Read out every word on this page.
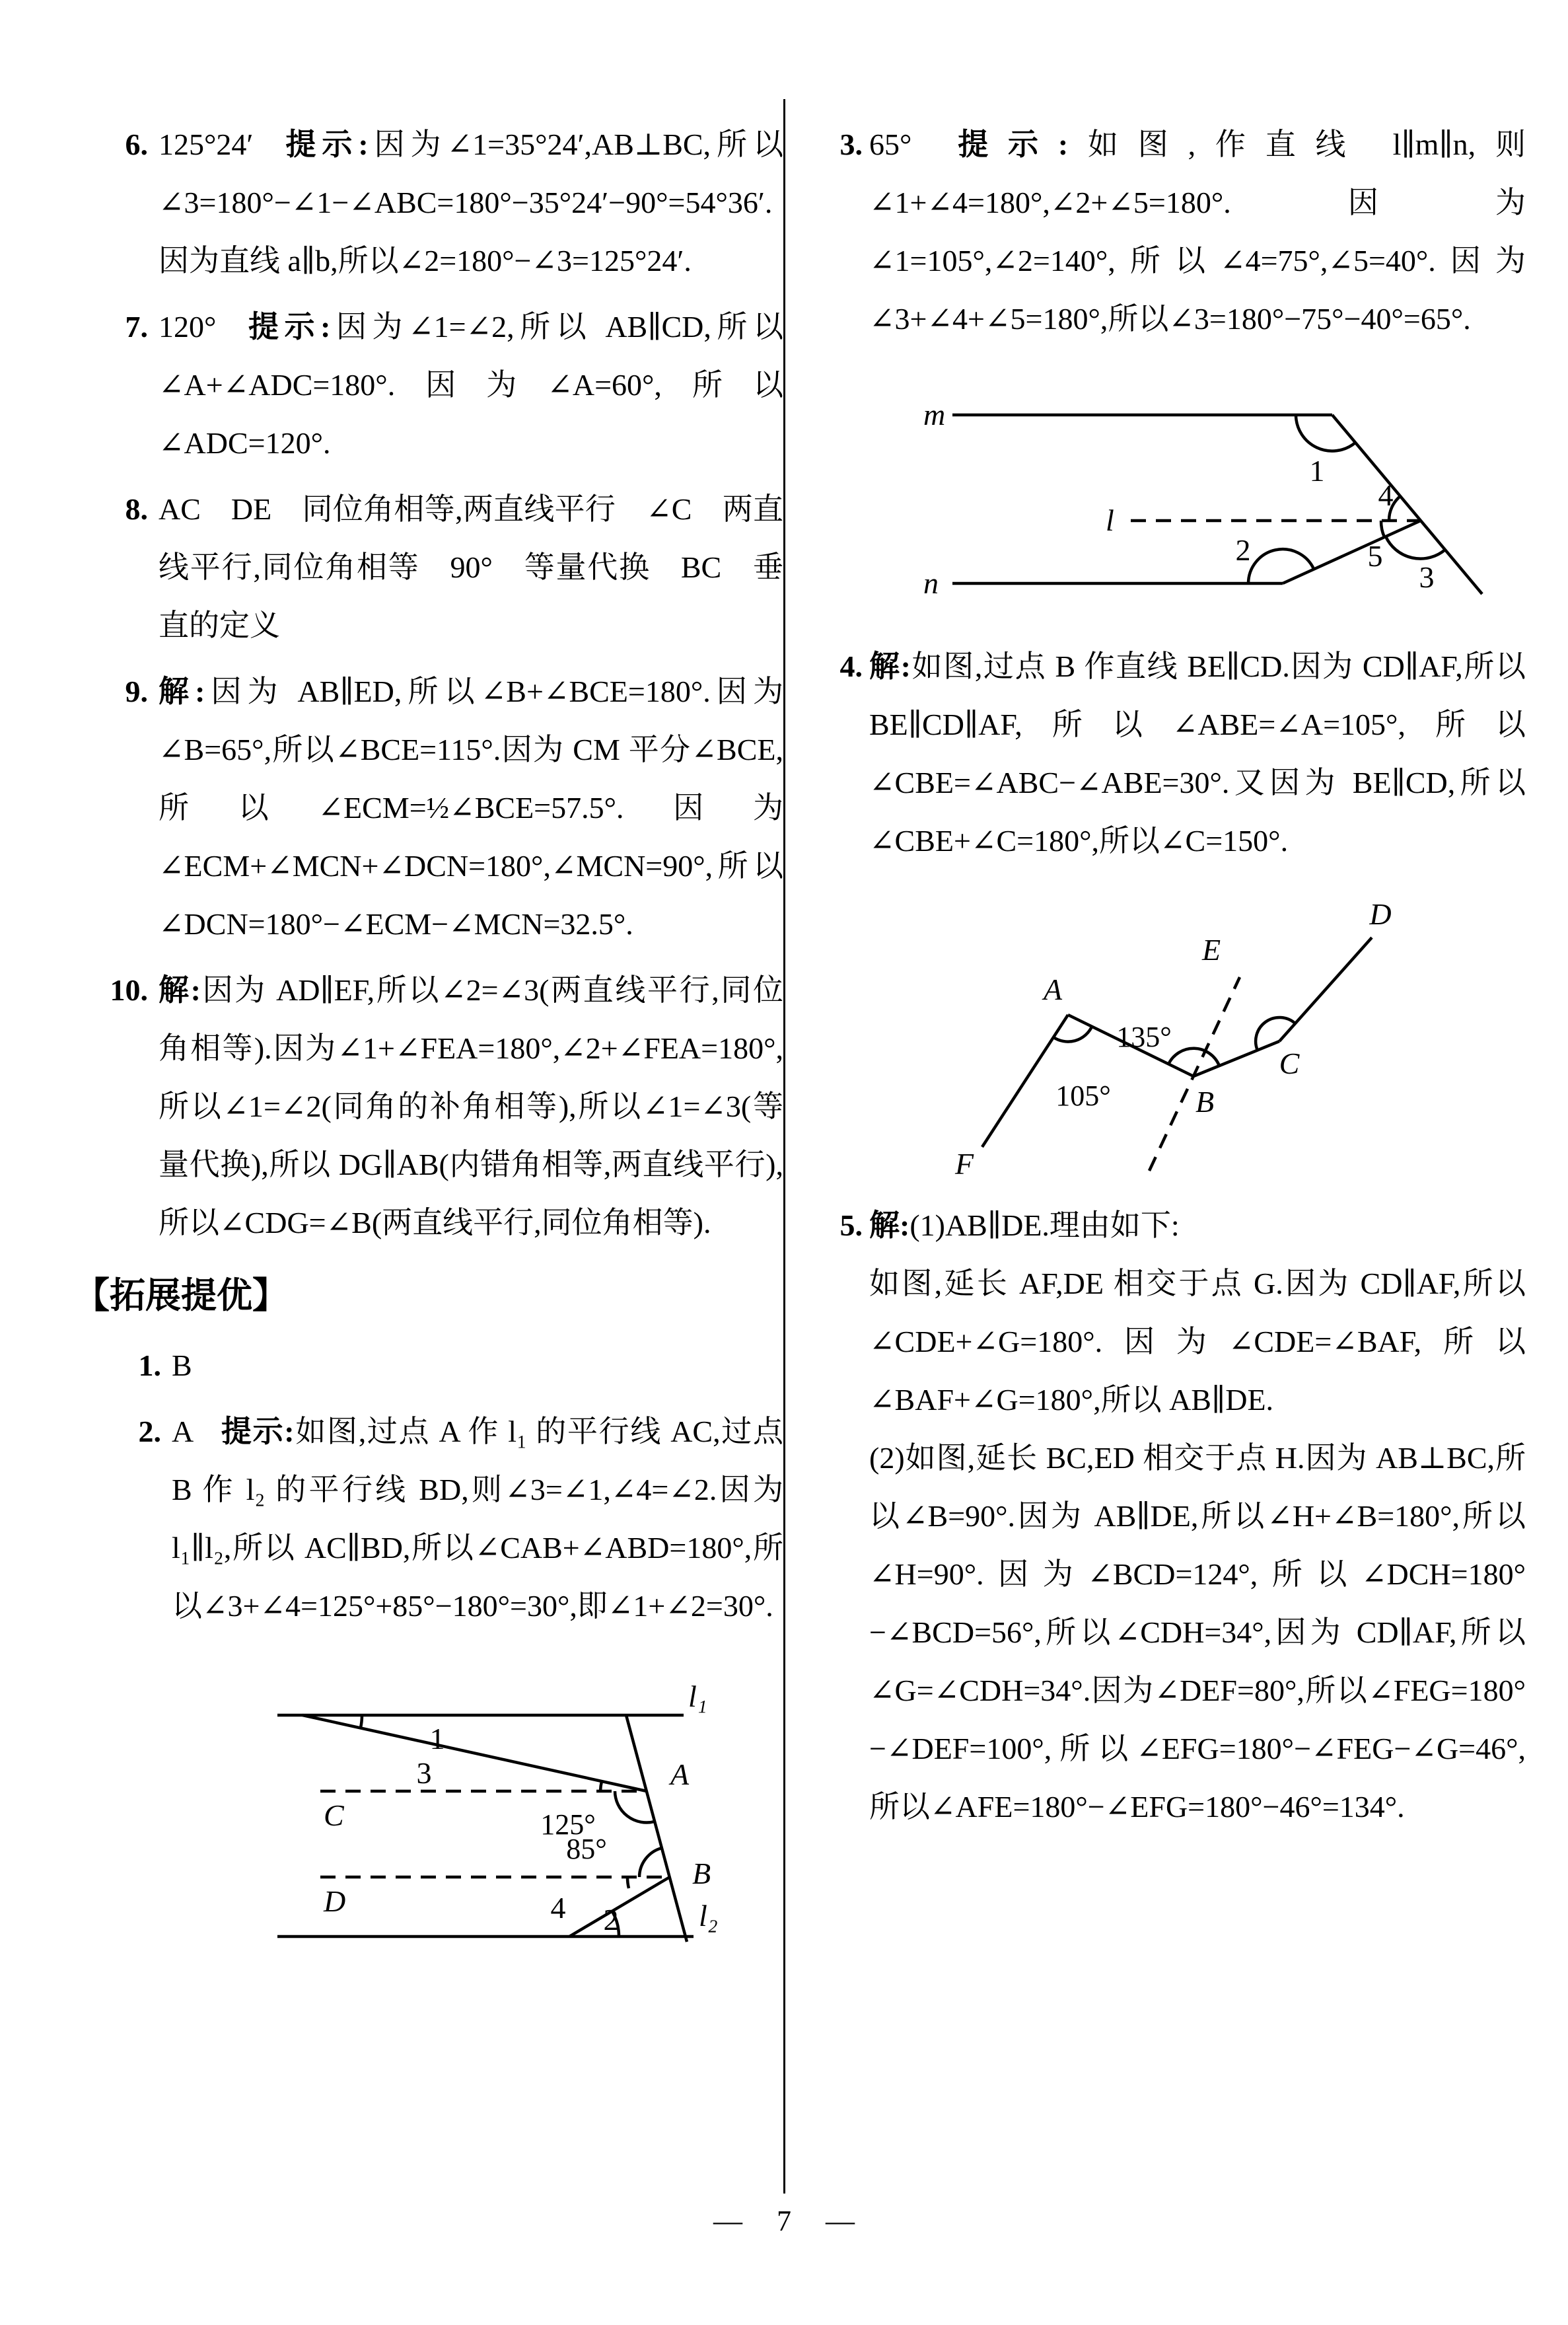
6. 125°24′ 提示:因为∠1=35°24′,AB⊥BC,所以∠3=180°−∠1−∠ABC=180°−35°24′−90°=54°36′.因为直线 a∥b,所以∠2=180°−∠3=125°24′.
7. 120° 提示:因为∠1=∠2,所以 AB∥CD,所以∠A+∠ADC=180°.因为∠A=60°,所以∠ADC=120°.
8. AC DE 同位角相等,两直线平行 ∠C 两直线平行,同位角相等 90° 等量代换 BC 垂直的定义
9. 解:因为 AB∥ED,所以∠B+∠BCE=180°.因为∠B=65°,所以∠BCE=115°.因为 CM 平分∠BCE,所以∠ECM=½∠BCE=57.5°.因为∠ECM+∠MCN+∠DCN=180°,∠MCN=90°,所以∠DCN=180°−∠ECM−∠MCN=32.5°.
10. 解:因为 AD∥EF,所以∠2=∠3(两直线平行,同位角相等).因为∠1+∠FEA=180°,∠2+∠FEA=180°,所以∠1=∠2(同角的补角相等),所以∠1=∠3(等量代换),所以 DG∥AB(内错角相等,两直线平行),所以∠CDG=∠B(两直线平行,同位角相等).
【拓展提优】
1. B
2. A 提示:如图,过点 A 作 l₁ 的平行线 AC,过点 B 作 l₂ 的平行线 BD,则∠3=∠1,∠4=∠2.因为 l₁∥l₂,所以 AC∥BD,所以∠CAB+∠ABD=180°,所以∠3+∠4=125°+85°−180°=30°,即∠1+∠2=30°.
l₁
l₂
1
3
C	125°
A
D
85°
B
4 2
3. 65° 提示:如图,作直线 l∥m∥n,则∠1+∠4=180°,∠2+∠5=180°.因为∠1=105°,∠2=140°,所以∠4=75°,∠5=40°.因为∠3+∠4+∠5=180°,所以∠3=180°−75°−40°=65°.
m
1
l
4
5
3
n
2
4. 解:如图,过点 B 作直线 BE∥CD.因为 CD∥AF,所以 BE∥CD∥AF,所以∠ABE=∠A=105°,所以∠CBE=∠ABC−∠ABE=30°.又因为 BE∥CD,所以∠CBE+∠C=180°,所以∠C=150°.
F
A
E
D
B
C
135°
105°
5. 解:(1)AB∥DE.理由如下:
如图,延长 AF,DE 相交于点 G.因为 CD∥AF,所以∠CDE+∠G=180°.因为∠CDE=∠BAF,所以∠BAF+∠G=180°,所以 AB∥DE.
(2)如图,延长 BC,ED 相交于点 H.因为 AB⊥BC,所以∠B=90°.因为 AB∥DE,所以∠H+∠B=180°,所以∠H=90°.因为∠BCD=124°,所以∠DCH=180°−∠BCD=56°,所以∠CDH=34°,因为 CD∥AF,所以∠G=∠CDH=34°.因为∠DEF=80°,所以∠FEG=180°−∠DEF=100°,所以∠EFG=180°−∠FEG−∠G=46°,所以∠AFE=180°−∠EFG=180°−46°=134°.
— 7 —
